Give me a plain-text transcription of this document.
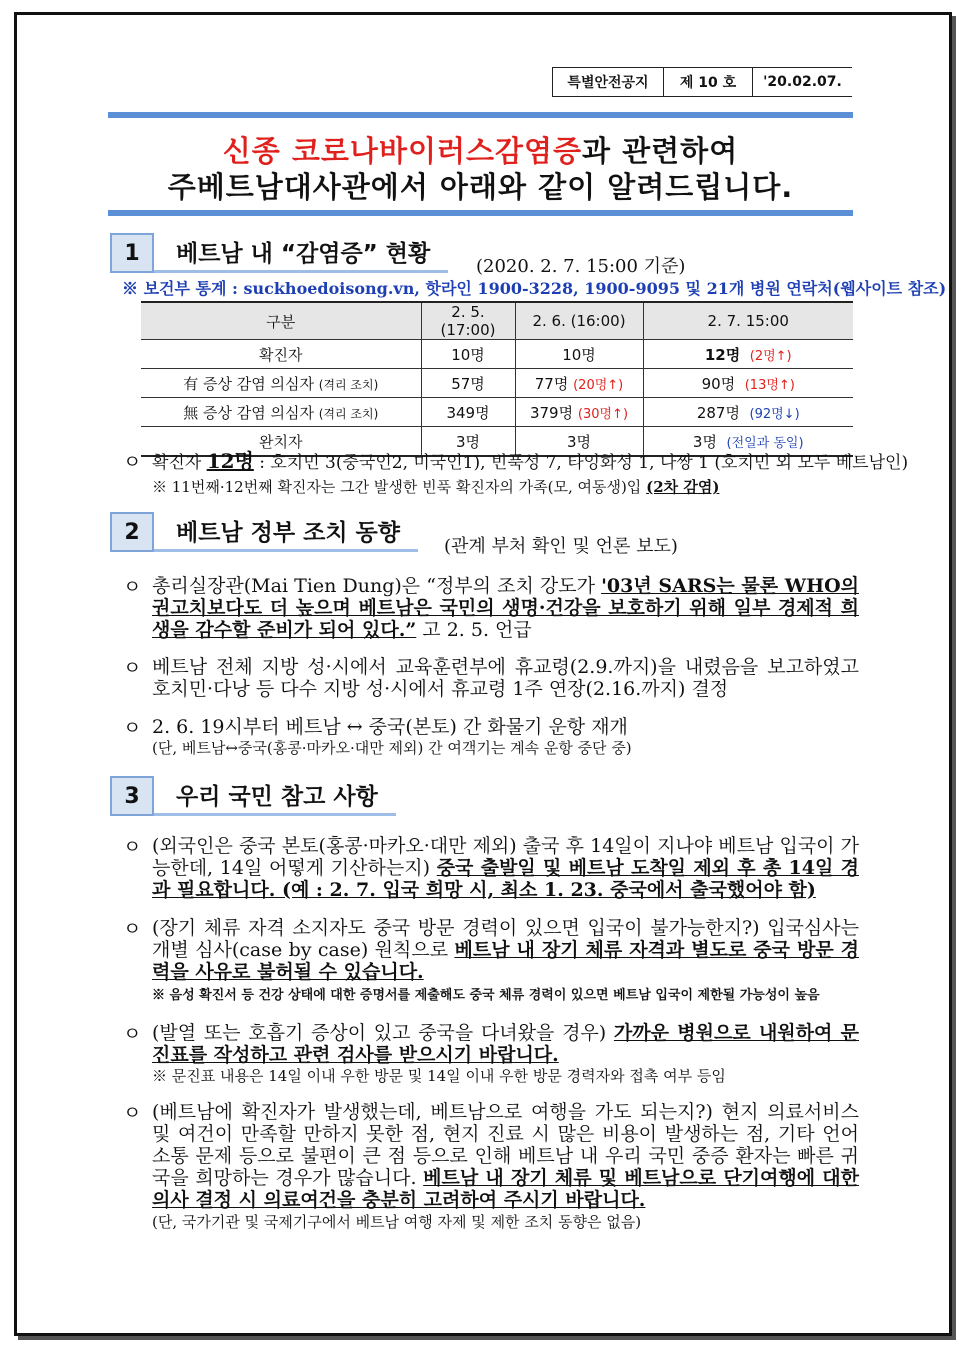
특별안전공지	제 10 호	'20.02.07.
신종 코로나바이러스감염증과 관련하여
주베트남대사관에서 아래와 같이 알려드립니다.
1	베트남 내 “감염증” 현황	(2020. 2. 7. 15:00 기준)
※ 보건부 통계 : suckhoedoisong.vn, 핫라인 1900-3228, 1900-9095 및 21개 병원 연락처(웹사이트 참조)
구분	2. 5.(17:00)	2. 6. (16:00)	2. 7. 15:00
확진자	10명	10명	12명 (2명↑)
有 증상 감염 의심자 (격리 조치)	57명	77명 (20명↑)	90명 (13명↑)
無 증상 감염 의심자 (격리 조치)	349명	379명 (30명↑)	287명 (92명↓)
완치자	3명	3명	3명 (전일과 동일)
ㅇ 확진자 12명 : 호치민 3(중국인2, 미국인1), 빈푹성 7, 타잉화성 1, 나짱 1 (호치민 외 모두 베트남인)
※ 11번째·12번째 확진자는 그간 발생한 빈푹 확진자의 가족(모, 여동생)입 (2차 감염)
2	베트남 정부 조치 동향
(관계 부처 확인 및 언론 보도)
ㅇ 총리실장관(Mai Tien Dung)은 “정부의 조치 강도가 '03년 SARS는 물론 WHO의 권고치보다도 더 높으며 베트남은 국민의 생명·건강을 보호하기 위해 일부 경제적 희생을 감수할 준비가 되어 있다.” 고 2. 5. 언급
ㅇ 베트남 전체 지방 성·시에서 교육훈련부에 휴교령(2.9.까지)을 내렸음을 보고하였고 호치민·다낭 등 다수 지방 성·시에서 휴교령 1주 연장(2.16.까지) 결정
ㅇ 2. 6. 19시부터 베트남 ↔ 중국(본토) 간 화물기 운항 재개
(단, 베트남↔중국(홍콩·마카오·대만 제외) 간 여객기는 계속 운항 중단 중)
3	우리 국민 참고 사항
ㅇ (외국인은 중국 본토(홍콩·마카오·대만 제외) 출국 후 14일이 지나야 베트남 입국이 가능한데, 14일 어떻게 기산하는지) 중국 출발일 및 베트남 도착일 제외 후 총 14일 경과 필요합니다. (예 : 2. 7. 입국 희망 시, 최소 1. 23. 중국에서 출국했어야 함)
ㅇ (장기 체류 자격 소지자도 중국 방문 경력이 있으면 입국이 불가능한지?) 입국심사는 개별 심사(case by case) 원칙으로 베트남 내 장기 체류 자격과 별도로 중국 방문 경력을 사유로 불허될 수 있습니다.
※ 음성 확진서 등 건강 상태에 대한 증명서를 제출해도 중국 체류 경력이 있으면 베트남 입국이 제한될 가능성이 높음
ㅇ (발열 또는 호흡기 증상이 있고 중국을 다녀왔을 경우) 가까운 병원으로 내원하여 문진표를 작성하고 관련 검사를 받으시기 바랍니다.
※ 문진표 내용은 14일 이내 우한 방문 및 14일 이내 우한 방문 경력자와 접촉 여부 등임
ㅇ (베트남에 확진자가 발생했는데, 베트남으로 여행을 가도 되는지?) 현지 의료서비스 및 여건이 만족할 만하지 못한 점, 현지 진료 시 많은 비용이 발생하는 점, 기타 언어 소통 문제 등으로 불편이 큰 점 등으로 인해 베트남 내 우리 국민 중증 환자는 빠른 귀국을 희망하는 경우가 많습니다. 베트남 내 장기 체류 및 베트남으로 단기여행에 대한 의사 결정 시 의료여건을 충분히 고려하여 주시기 바랍니다.
(단, 국가기관 및 국제기구에서 베트남 여행 자제 및 제한 조치 동향은 없음)
